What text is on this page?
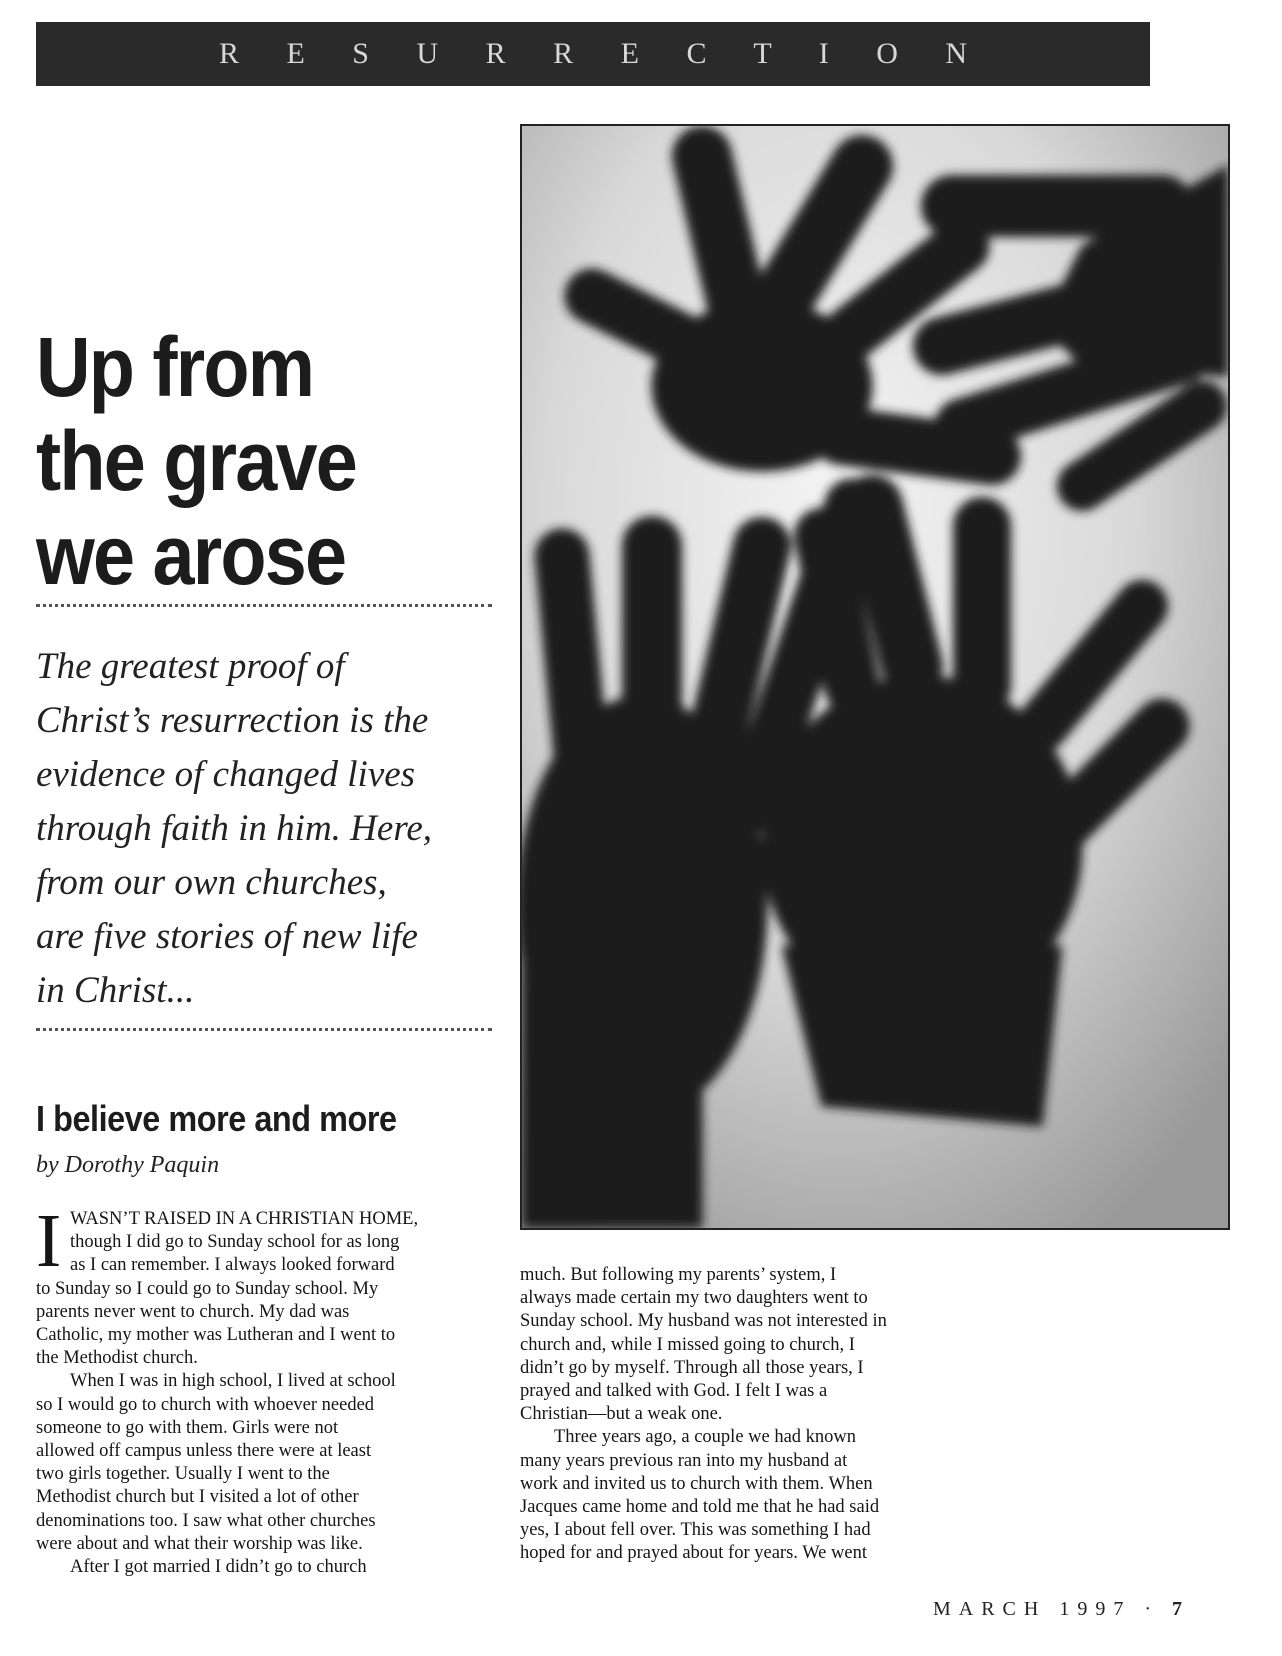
R E S U R R E C T I O N
Up from
the grave
we arose

The greatest proof of
Christ’s resurrection is the
evidence of changed lives
through faith in him. Here,
from our own churches,
are five stories of new life
in Christ...

I believe more and more

by Dorothy Paquin

I WASN’T RAISED IN A CHRISTIAN HOME,
though I did go to Sunday school for as long
as I can remember. I always looked forward
to Sunday so I could go to Sunday school. My
parents never went to church. My dad was
Catholic, my mother was Lutheran and I went to
the Methodist church.
When I was in high school, I lived at school
so I would go to church with whoever needed
someone to go with them. Girls were not
allowed off campus unless there were at least
two girls together. Usually I went to the
Methodist church but I visited a lot of other
denominations too. I saw what other churches
were about and what their worship was like.
After I got married I didn’t go to church
much. But following my parents’ system, I
always made certain my two daughters went to
Sunday school. My husband was not interested in
church and, while I missed going to church, I
didn’t go by myself. Through all those years, I
prayed and talked with God. I felt I was a
Christian—but a weak one.
Three years ago, a couple we had known
many years previous ran into my husband at
work and invited us to church with them. When
Jacques came home and told me that he had said
yes, I about fell over. This was something I had
hoped for and prayed about for years. We went
MARCH 1997 · 7
